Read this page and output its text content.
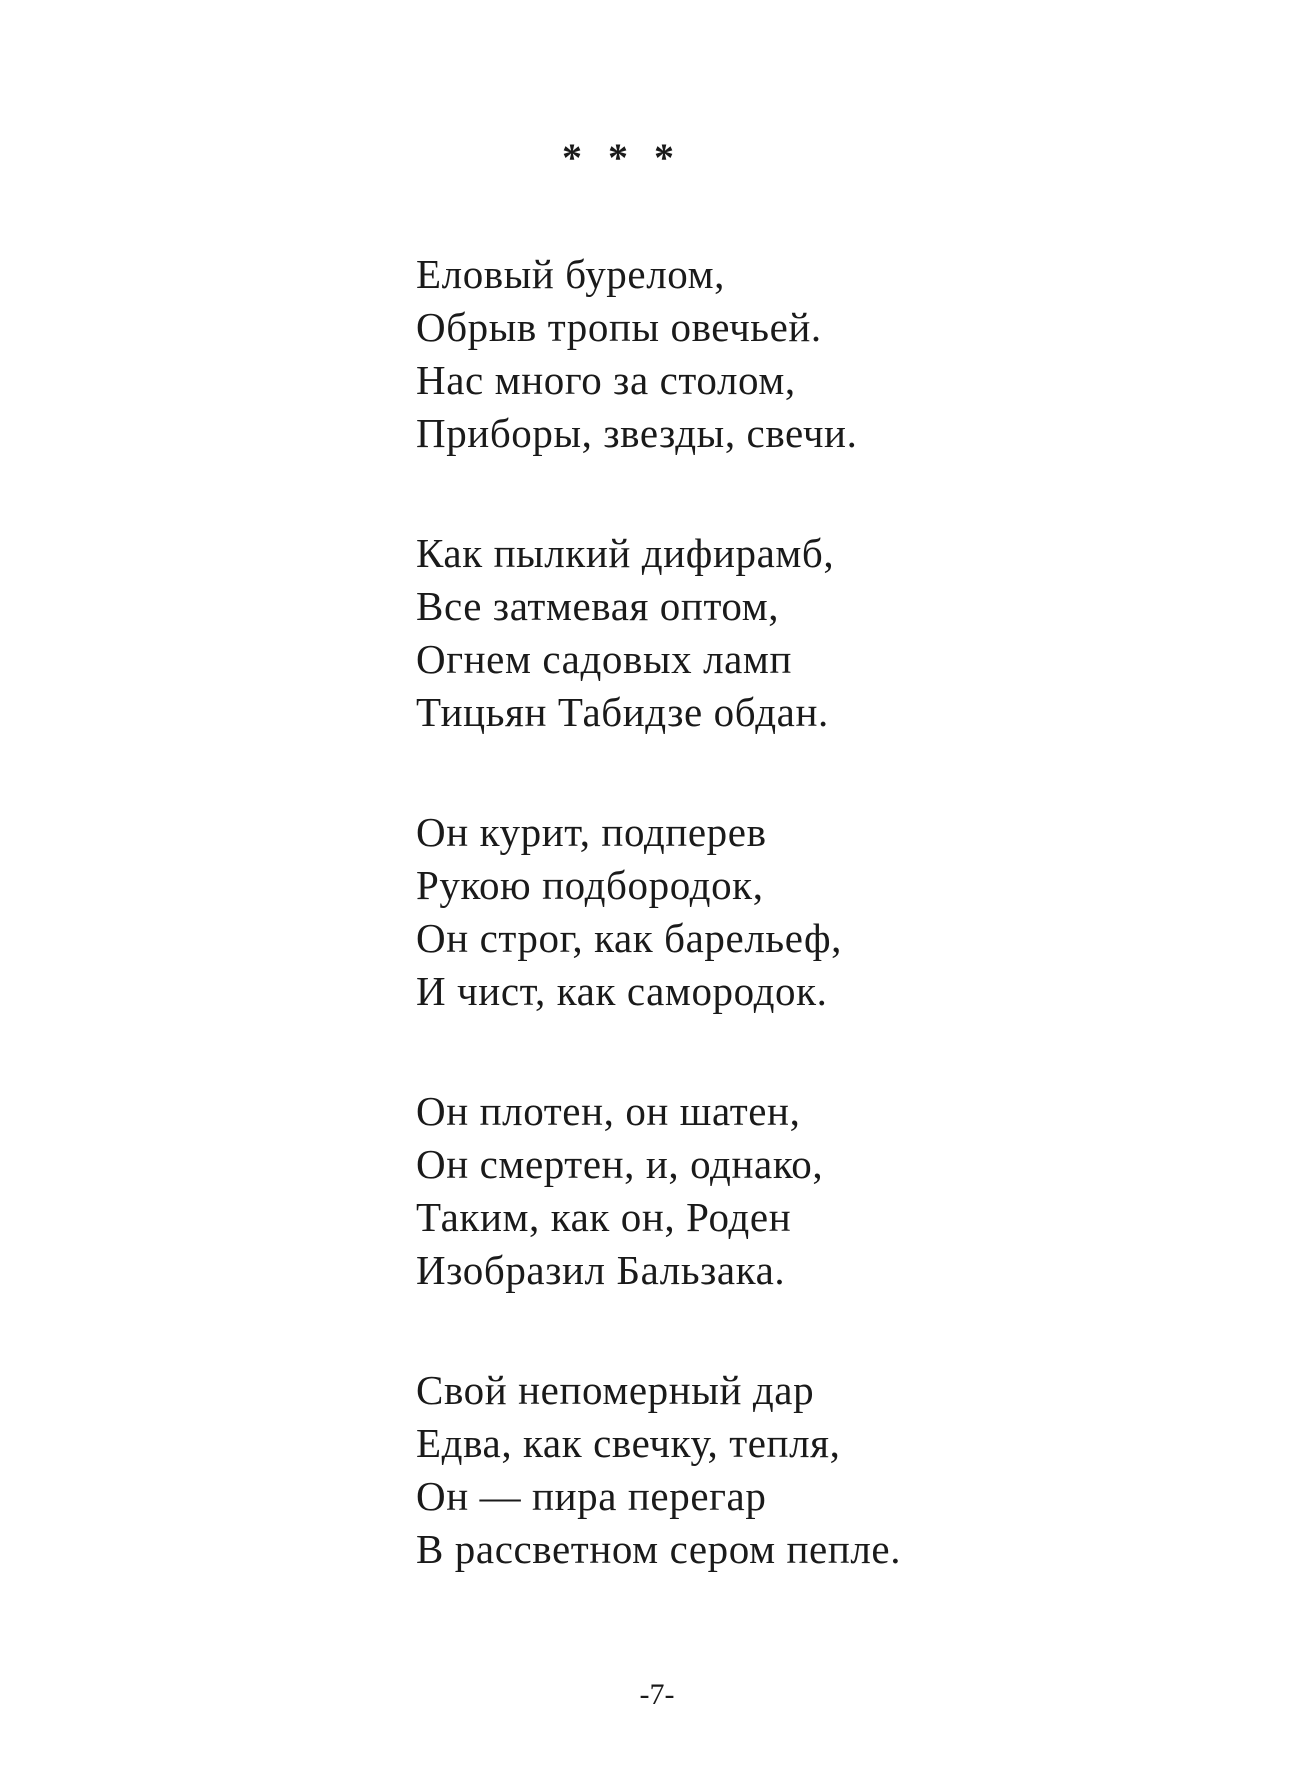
* * *
Еловый бурелом,
Обрыв тропы овечьей.
Нас много за столом,
Приборы, звезды, свечи.
Как пылкий дифирамб,
Все затмевая оптом,
Огнем садовых ламп
Тицьян Табидзе обдан.
Он курит, подперев
Рукою подбородок,
Он строг, как барельеф,
И чист, как самородок.
Он плотен, он шатен,
Он смертен, и, однако,
Таким, как он, Роден
Изобразил Бальзака.
Свой непомерный дар
Едва, как свечку, тепля,
Он — пира перегар
В рассветном сером пепле.
-7-
